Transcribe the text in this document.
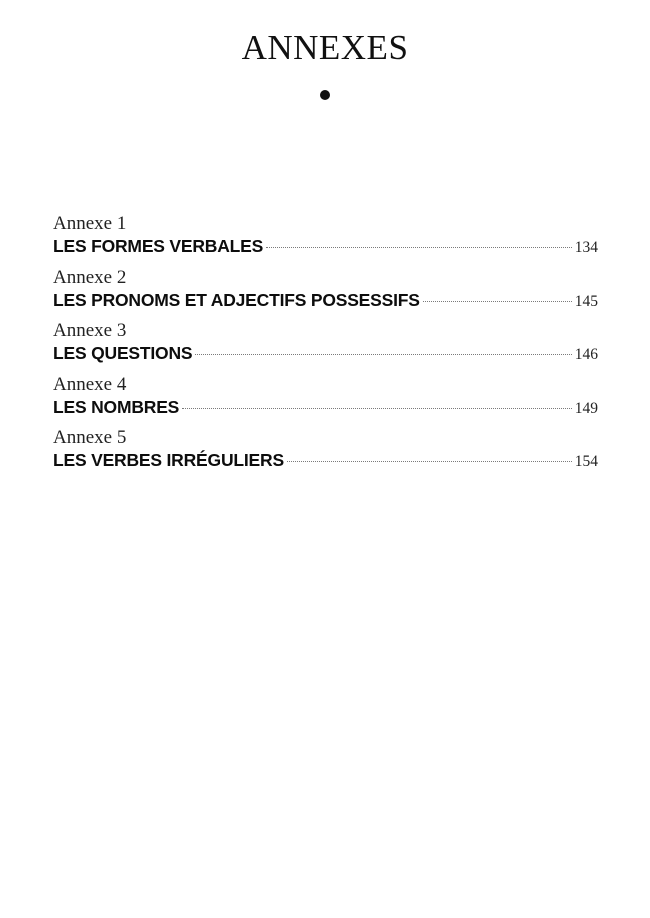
ANNEXES
Annexe 1
LES FORMES VERBALES	134
Annexe 2
LES PRONOMS ET ADJECTIFS POSSESSIFS	145
Annexe 3
LES QUESTIONS	146
Annexe 4
LES NOMBRES	149
Annexe 5
LES VERBES IRRÉGULIERS	154
